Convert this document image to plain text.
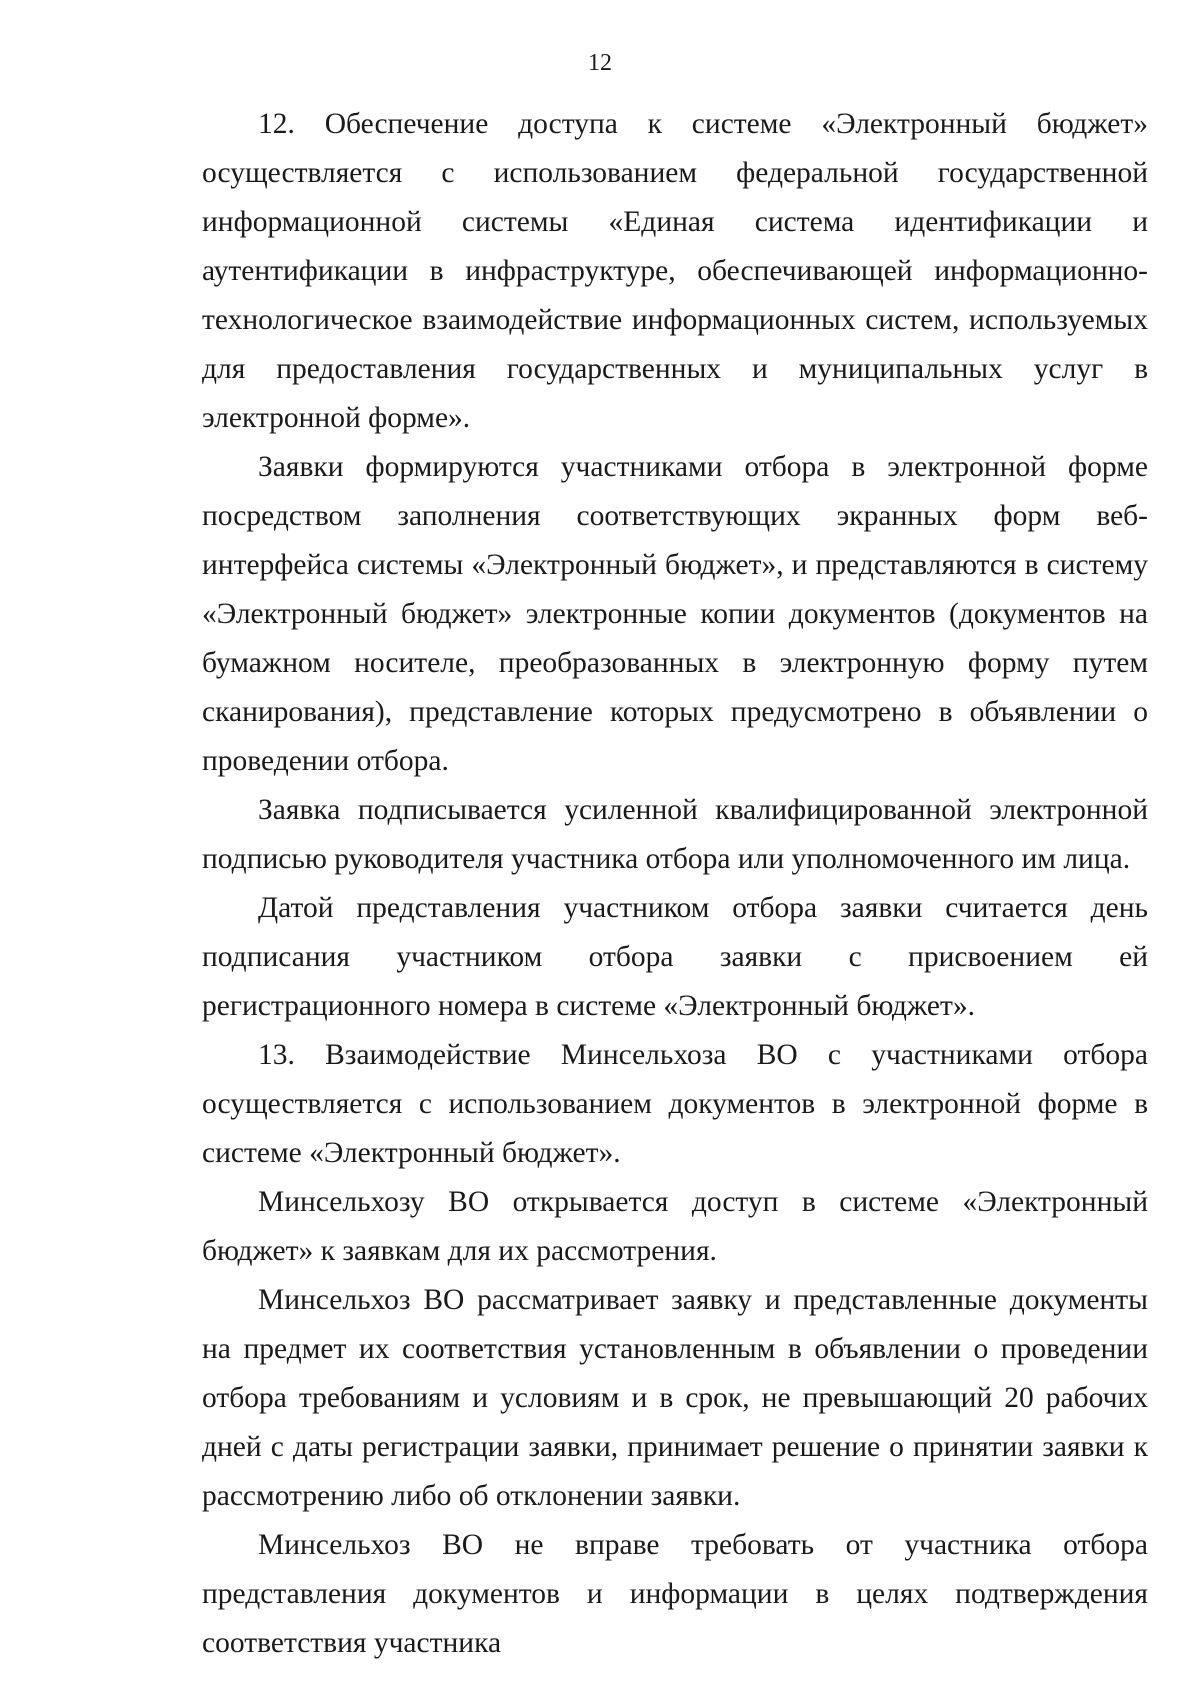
12

12. Обеспечение доступа к системе «Электронный бюджет» осуществляется с использованием федеральной государственной информационной системы «Единая система идентификации и аутентификации в инфраструктуре, обеспечивающей информационно-технологическое взаимодействие информационных систем, используемых для предоставления государственных и муниципальных услуг в электронной форме».

Заявки формируются участниками отбора в электронной форме посредством заполнения соответствующих экранных форм веб-интерфейса системы «Электронный бюджет», и представляются в систему «Электронный бюджет» электронные копии документов (документов на бумажном носителе, преобразованных в электронную форму путем сканирования), представление которых предусмотрено в объявлении о проведении отбора.

Заявка подписывается усиленной квалифицированной электронной подписью руководителя участника отбора или уполномоченного им лица.

Датой представления участником отбора заявки считается день подписания участником отбора заявки с присвоением ей регистрационного номера в системе «Электронный бюджет».

13. Взаимодействие Минсельхоза ВО с участниками отбора осуществляется с использованием документов в электронной форме в системе «Электронный бюджет».

Минсельхозу ВО открывается доступ в системе «Электронный бюджет» к заявкам для их рассмотрения.

Минсельхоз ВО рассматривает заявку и представленные документы на предмет их соответствия установленным в объявлении о проведении отбора требованиям и условиям и в срок, не превышающий 20 рабочих дней с даты регистрации заявки, принимает решение о принятии заявки к рассмотрению либо об отклонении заявки.

Минсельхоз ВО не вправе требовать от участника отбора представления документов и информации в целях подтверждения соответствия участника
